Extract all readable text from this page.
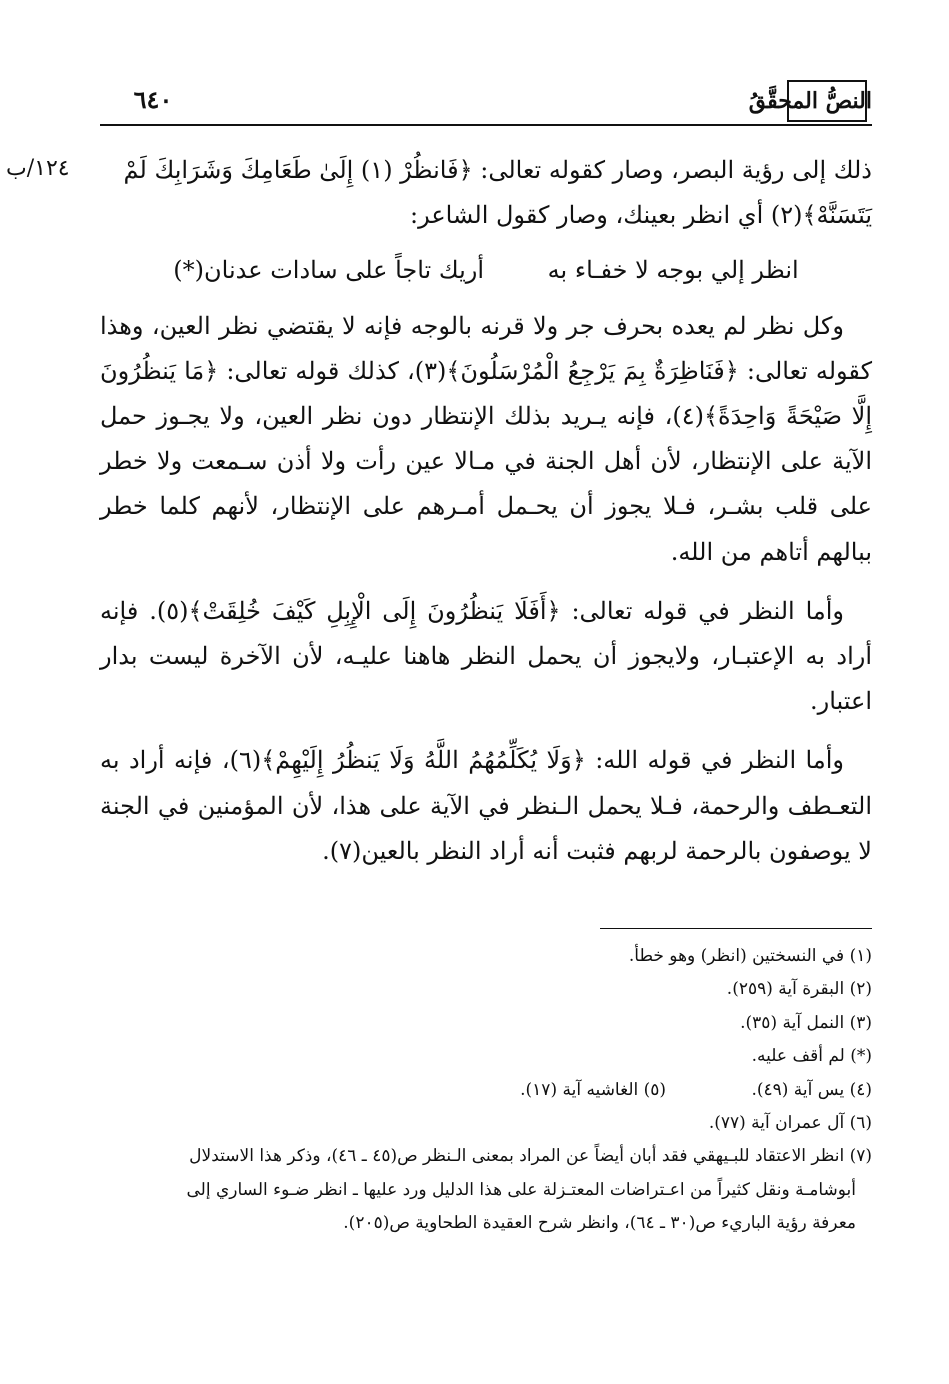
النصُّ المحقَّقُ
٦٤٠
١٢٤/ب	ذلك إلى رؤية البصر، وصار كقوله تعالى: ﴿فَانظُرْ (١) إِلَىٰ طَعَامِكَ وَشَرَابِكَ لَمْ

يَتَسَنَّهْ﴾(٢) أي انظر بعينك، وصار كقول الشاعر:

انظر إلي بوجه لا خفـاء به أريك تاجاً على سادات عدنان(*)

وكل نظر لم يعده بحرف جر ولا قرنه بالوجه فإنه لا يقتضي نظر العين، وهذا كقوله تعالى: ﴿فَنَاظِرَةٌ بِمَ يَرْجِعُ الْمُرْسَلُونَ﴾(٣)، كذلك قوله تعالى: ﴿مَا يَنظُرُونَ إِلَّا صَيْحَةً وَاحِدَةً﴾(٤)، فإنه يـريد بذلك الإنتظار دون نظر العين، ولا يجـوز حمل الآية على الإنتظار، لأن أهل الجنة في مـالا عين رأت ولا أذن سـمعت ولا خطر على قلب بشـر، فـلا يجوز أن يحـمل أمـرهم على الإنتظار، لأنهم كلما خطر ببالهم أتاهم من الله.

وأما النظر في قوله تعالى: ﴿أَفَلَا يَنظُرُونَ إِلَى الْإِبِلِ كَيْفَ خُلِقَتْ﴾(٥). فإنه أراد به الإعتبـار، ولايجوز أن يحمل النظر هاهنا عليـه، لأن الآخرة ليست بدار اعتبار.

وأما النظر في قوله الله: ﴿وَلَا يُكَلِّمُهُمُ اللَّهُ وَلَا يَنظُرُ إِلَيْهِمْ﴾(٦)، فإنه أراد به التعـطف والرحمة، فـلا يحمل الـنظر في الآية على هذا، لأن المؤمنين في الجنة لا يوصفون بالرحمة لربهم فثبت أنه أراد النظر بالعين(٧).

(١) في النسختين (انظر) وهو خطأ.
(٢) البقرة آية (٢٥٩).
(٣) النمل آية (٣٥).
(*) لم أقف عليه.
(٤) يس آية (٤٩). (٥) الغاشيه آية (١٧).
(٦) آل عمران آية (٧٧).
(٧) انظر الاعتقاد للبـيهقي فقد أبان أيضاً عن المراد بمعنى الـنظر ص(٤٥ ـ ٤٦)، وذكر هذا الاستدلال
أبوشامـة ونقل كثيراً من اعـتراضات المعتـزلة على هذا الدليل ورد عليها ـ انظر ضـوء الساري إلى
معرفة رؤية الباريء ص(٣٠ ـ ٦٤)، وانظر شرح العقيدة الطحاوية ص(٢٠٥).
